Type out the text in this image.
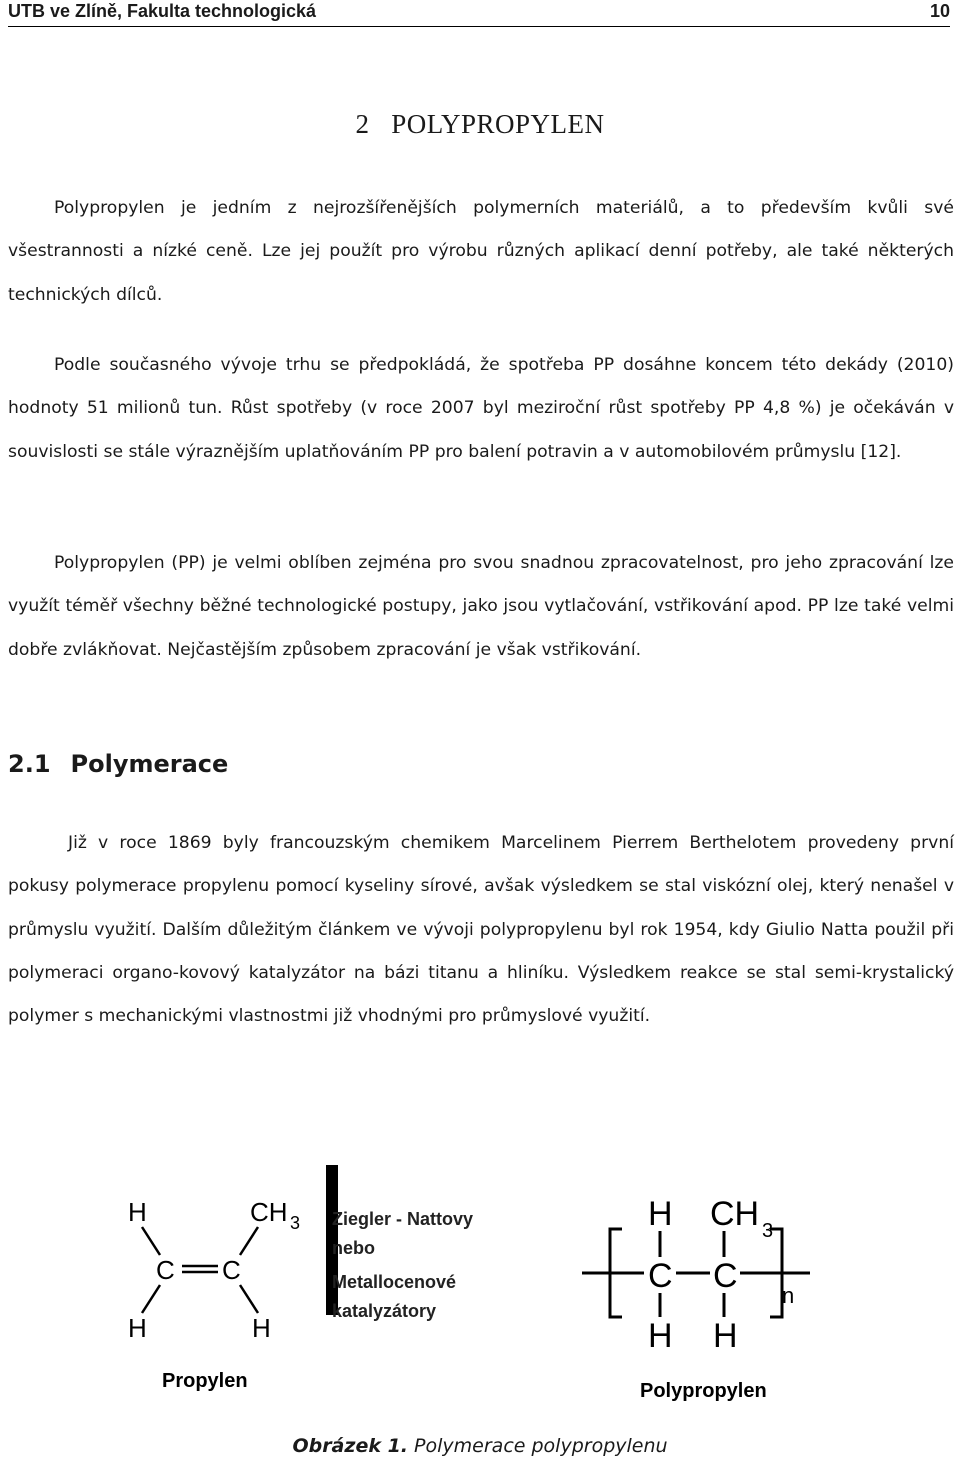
UTB ve Zlíně, Fakulta technologická	10
2   POLYPROPYLEN

Polypropylen je jedním z nejrozšířenějších polymerních materiálů, a to především kvůli své všestrannosti a nízké ceně. Lze jej použít pro výrobu různých aplikací denní potřeby, ale také některých technických dílců.

Podle současného vývoje trhu se předpokládá, že spotřeba PP dosáhne koncem této dekády (2010) hodnoty 51 milionů tun. Růst spotřeby (v roce 2007 byl meziroční růst spotřeby PP 4,8 %) je očekáván v souvislosti se stále výraznějším uplatňováním PP pro balení potravin a v automobilovém průmyslu [12].

Polypropylen (PP) je velmi oblíben zejména pro svou snadnou zpracovatelnost, pro jeho zpracování lze využít téměř všechny běžné technologické postupy, jako jsou vytlačování, vstřikování apod. PP lze také velmi dobře zvlákňovat. Nejčastějším způsobem zpracování je však vstřikování.

2.1 Polymerace

Již v roce 1869 byly francouzským chemikem Marcelinem Pierrem Berthelotem provedeny první pokusy polymerace propylenu pomocí kyseliny sírové, avšak výsledkem se stal viskózní olej, který nenašel v průmyslu využití. Dalším důležitým článkem ve vývoji polypropylenu byl rok 1954, kdy Giulio Natta použil při polymeraci organo-kovový katalyzátor na bázi titanu a hliníku. Výsledkem reakce se stal semi-krystalický polymer s mechanickými vlastnostmi již vhodnými pro průmyslové využití.

H	CH 3
C C
H	H
Propylen
Ziegler - Nattovy
nebo
Metallocenové
katalyzátory
H CH 3
C C
H H
n
Polypropylen
Obrázek 1. Polymerace polypropylenu
